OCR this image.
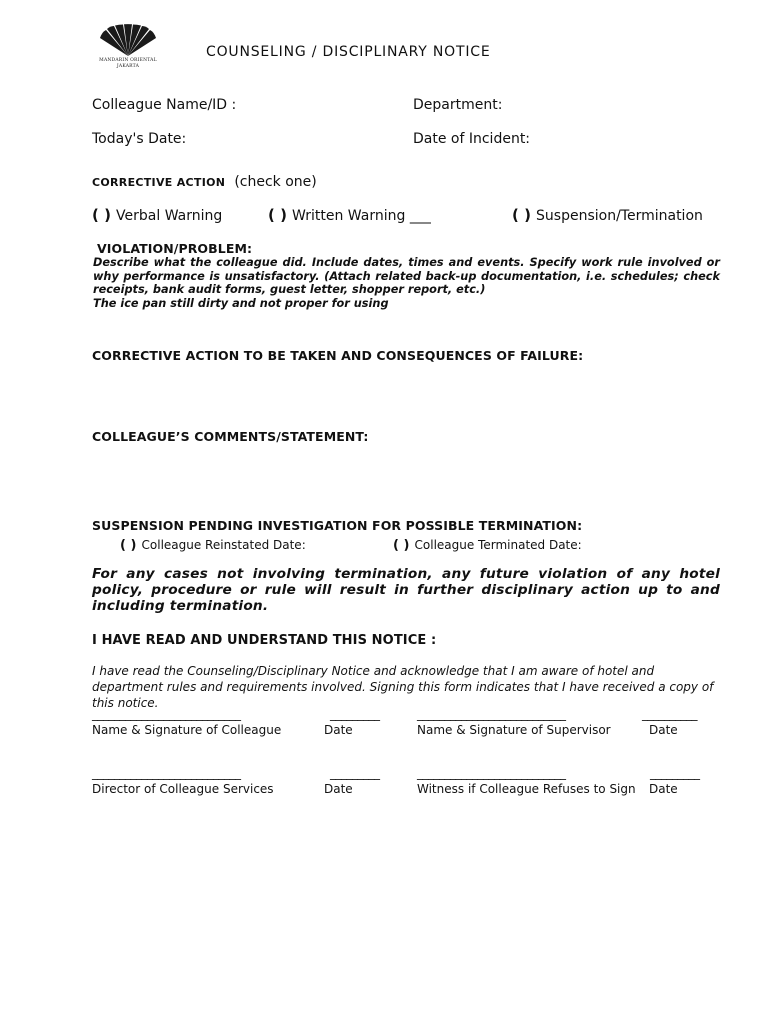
MANDARIN ORIENTAL
JAKARTA
COUNSELING / DISCIPLINARY NOTICE
Colleague Name/ID :	Department:
Today's Date:	Date of Incident:
CORRECTIVE ACTION (check one)
( ) Verbal Warning	( ) Written Warning ___	( ) Suspension/Termination
VIOLATION/PROBLEM:

Describe what the colleague did. Include dates, times and events. Specify work rule involved or why performance is unsatisfactory. (Attach related back-up documentation, i.e. schedules; check receipts, bank audit forms, guest letter, shopper report, etc.)

The ice pan still dirty and not proper for using

CORRECTIVE ACTION TO BE TAKEN AND CONSEQUENCES OF FAILURE:
COLLEAGUE’S COMMENTS/STATEMENT:
SUSPENSION PENDING INVESTIGATION FOR POSSIBLE TERMINATION:
( ) Colleague Reinstated Date:	( ) Colleague Terminated Date:
For any cases not involving termination, any future violation of any hotel policy, procedure or rule will result in further disciplinary action up to and including termination.
I HAVE READ AND UNDERSTAND THIS NOTICE :
I have read the Counseling/Disciplinary Notice and acknowledge that I am aware of hotel and department rules and requirements involved. Signing this form indicates that I have received a copy of this notice.
___________________________	_________	___________________________	__________
Name & Signature of Colleague	Date	Name & Signature of Supervisor	Date
___________________________	_________	___________________________	_________
Director of Colleague Services	Date	Witness if Colleague Refuses to Sign Date
